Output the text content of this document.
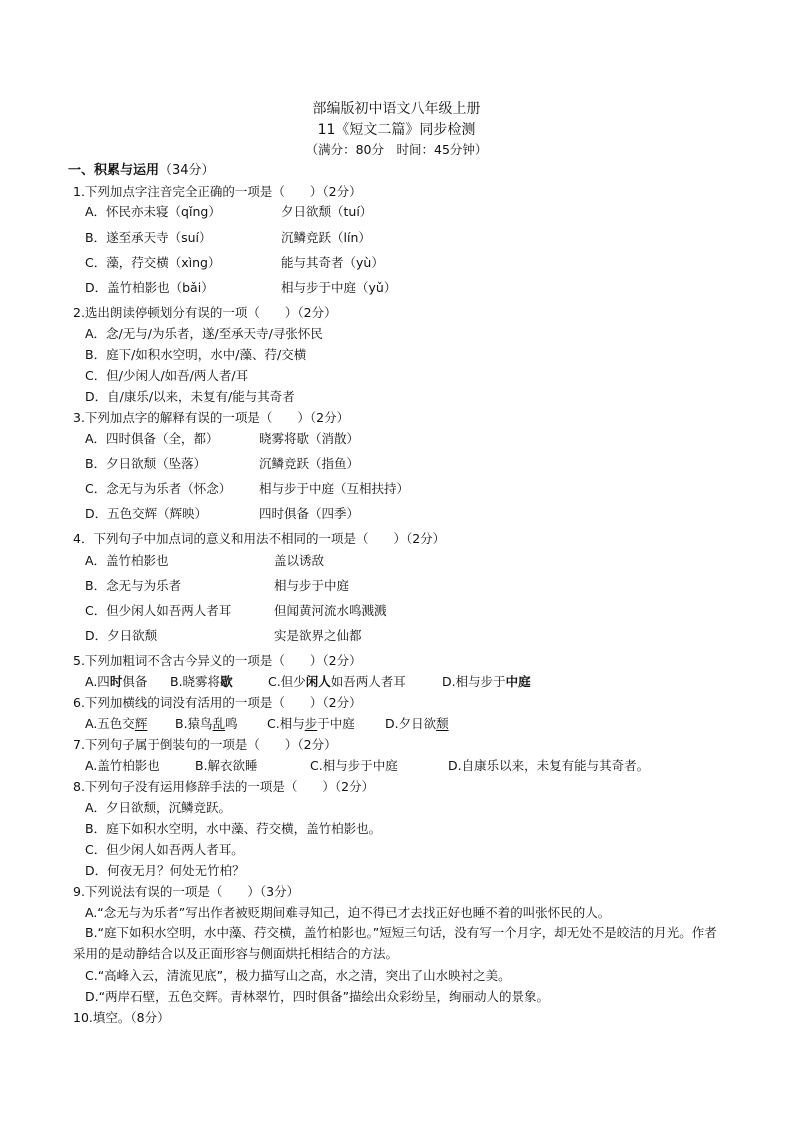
部编版初中语文八年级上册
11《短文二篇》同步检测
（满分：80分　时间：45分钟）
一、积累与运用（34分）
1.下列加点字注音完全正确的一项是（　　）（2分）
A．怀民亦未寝（qǐng）	夕日欲颓（tuí）
B．遂至承天寺（suí）	沉鳞竞跃（lín）
C．藻，荇交横（xìng）	能与其奇者（yù）
D．盖竹柏影也（bǎi）	相与步于中庭（yǔ）
2.选出朗读停顿划分有误的一项（　　）（2分）
A．念/无与/为乐者，遂/至承天寺/寻张怀民
B．庭下/如积水空明，水中/藻、荇/交横
C．但/少闲人/如吾/两人者/耳
D．自/康乐/以来，未复有/能与其奇者
3.下列加点字的解释有误的一项是（　　）（2分）
A．四时俱备（全，都）	晓雾将歇（消散）
B．夕日欲颓（坠落）	沉鳞竞跃（指鱼）
C．念无与为乐者（怀念） 相与步于中庭（互相扶持）
D．五色交辉（辉映）	四时俱备（四季）
4．下列句子中加点词的意义和用法不相同的一项是（　　）（2分）
A．盖竹柏影也	盖以诱敌
B．念无与为乐者	相与步于中庭
C．但少闲人如吾两人者耳	但闻黄河流水鸣溅溅
D．夕日欲颓	实是欲界之仙都
5.下列加粗词不含古今异义的一项是（　　）（2分）
A.四时俱备 B.晓雾将歇	C.但少闲人如吾两人者耳	D.相与步于中庭
6.下列加横线的词没有活用的一项是（　　）（2分）
A.五色交辉 B.猿鸟乱鸣 C.相与步于中庭 D.夕日欲颓
7.下列句子属于倒装句的一项是（　　）（2分）
A.盖竹柏影也	B.解衣欲睡	C.相与步于中庭	D.自康乐以来，未复有能与其奇者。
8.下列句子没有运用修辞手法的一项是（　　）（2分）
A．夕日欲颓，沉鳞竞跃。
B．庭下如积水空明，水中藻、荇交横，盖竹柏影也。
C．但少闲人如吾两人者耳。
D．何夜无月？何处无竹柏？
9.下列说法有误的一项是（　　）（3分）
A.“念无与为乐者”写出作者被贬期间难寻知己，迫不得已才去找正好也睡不着的叫张怀民的人。
B.“庭下如积水空明，水中藻、荇交横，盖竹柏影也。”短短三句话，没有写一个月字，却无处不是皎洁的月光。作者采用的是动静结合以及正面形容与侧面烘托相结合的方法。
C.“高峰入云，清流见底”，极力描写山之高，水之清，突出了山水映衬之美。
D.“两岸石壁，五色交辉。青林翠竹，四时俱备”描绘出众彩纷呈，绚丽动人的景象。
10.填空。（8分）
